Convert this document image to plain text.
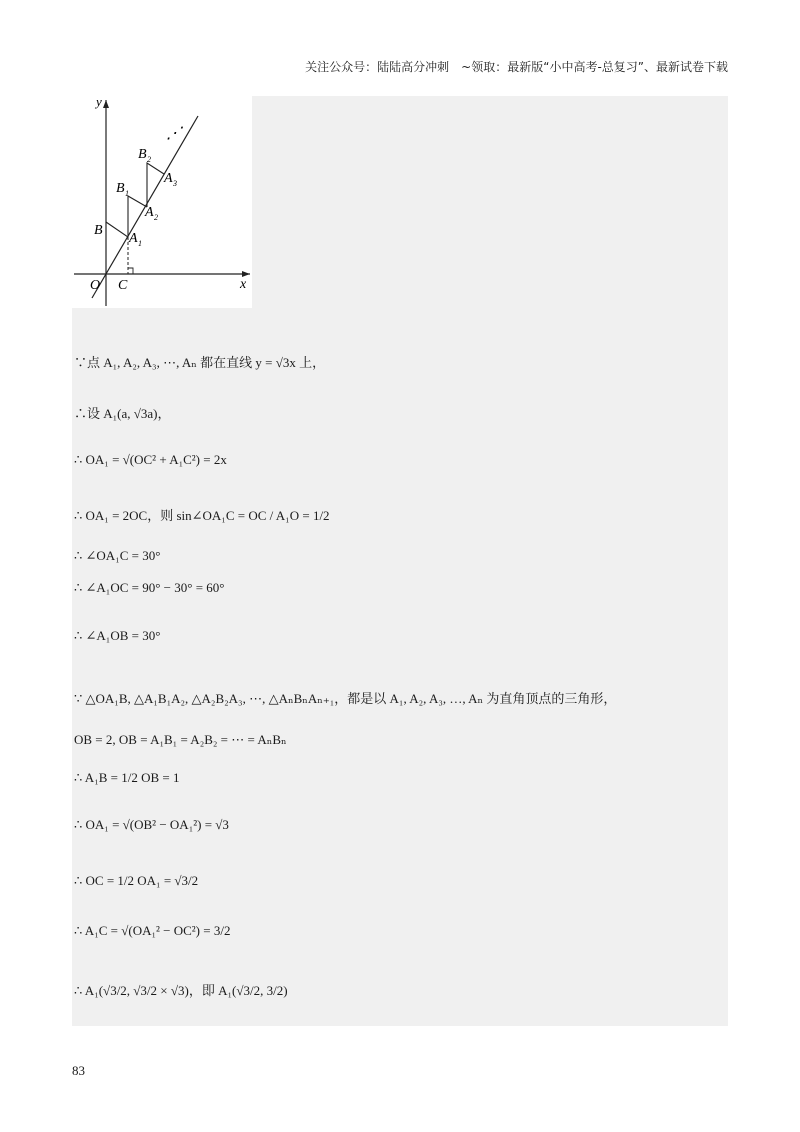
关注公众号：陆陆高分冲刺　~领取：最新版“小中高考-总复习”、最新试卷下载
y
x
O C
B
A 1
B 1
A 2
B 2
A 3
⋰
∵点 A₁, A₂, A₃, ⋯, Aₙ 都在直线 y = √3x 上，
∴设 A₁(a, √3a)，
∴ OA₁ = √(OC² + A₁C²) = 2x
∴ OA₁ = 2OC，则 sin∠OA₁C = OC / A₁O = 1/2
∴ ∠OA₁C = 30°
∴ ∠A₁OC = 90° − 30° = 60°
∴ ∠A₁OB = 30°
∵ △OA₁B, △A₁B₁A₂, △A₂B₂A₃, ⋯, △AₙBₙAₙ₊₁，都是以 A₁, A₂, A₃, …, Aₙ 为直角顶点的三角形，
OB = 2, OB = A₁B₁ = A₂B₂ = ⋯ = AₙBₙ
∴ A₁B = 1/2 OB = 1
∴ OA₁ = √(OB² − OA₁²) = √3
∴ OC = 1/2 OA₁ = √3/2
∴ A₁C = √(OA₁² − OC²) = 3/2
∴ A₁(√3/2, √3/2 × √3)，即 A₁(√3/2, 3/2)
83
